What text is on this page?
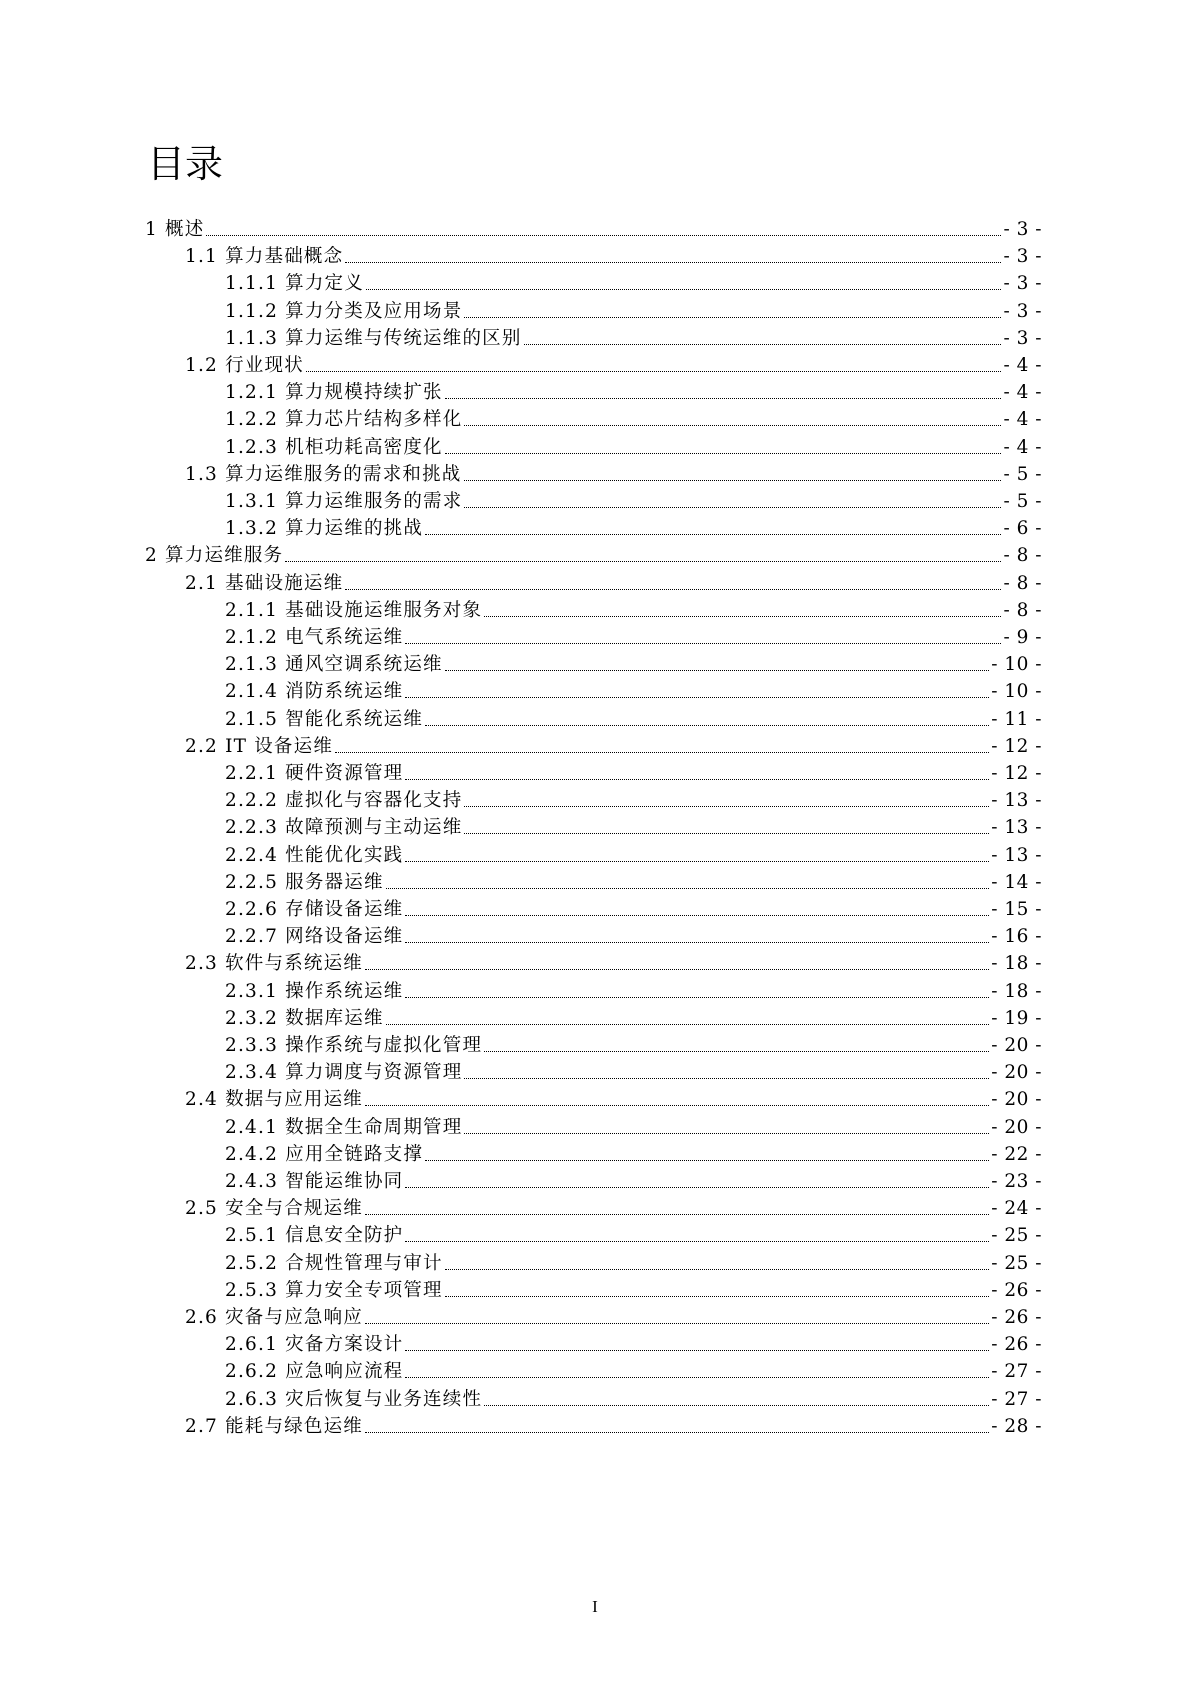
目录
1 概述	- 3 -
1.1 算力基础概念	- 3 -
1.1.1 算力定义	- 3 -
1.1.2 算力分类及应用场景	- 3 -
1.1.3 算力运维与传统运维的区别	- 3 -
1.2 行业现状	- 4 -
1.2.1 算力规模持续扩张	- 4 -
1.2.2 算力芯片结构多样化	- 4 -
1.2.3 机柜功耗高密度化	- 4 -
1.3 算力运维服务的需求和挑战	- 5 -
1.3.1 算力运维服务的需求	- 5 -
1.3.2 算力运维的挑战	- 6 -
2 算力运维服务	- 8 -
2.1 基础设施运维	- 8 -
2.1.1 基础设施运维服务对象	- 8 -
2.1.2 电气系统运维	- 9 -
2.1.3 通风空调系统运维	- 10 -
2.1.4 消防系统运维	- 10 -
2.1.5 智能化系统运维	- 11 -
2.2 IT 设备运维	- 12 -
2.2.1 硬件资源管理	- 12 -
2.2.2 虚拟化与容器化支持	- 13 -
2.2.3 故障预测与主动运维	- 13 -
2.2.4 性能优化实践	- 13 -
2.2.5 服务器运维	- 14 -
2.2.6 存储设备运维	- 15 -
2.2.7 网络设备运维	- 16 -
2.3 软件与系统运维	- 18 -
2.3.1 操作系统运维	- 18 -
2.3.2 数据库运维	- 19 -
2.3.3 操作系统与虚拟化管理	- 20 -
2.3.4 算力调度与资源管理	- 20 -
2.4 数据与应用运维	- 20 -
2.4.1 数据全生命周期管理	- 20 -
2.4.2 应用全链路支撑	- 22 -
2.4.3 智能运维协同	- 23 -
2.5 安全与合规运维	- 24 -
2.5.1 信息安全防护	- 25 -
2.5.2 合规性管理与审计	- 25 -
2.5.3 算力安全专项管理	- 26 -
2.6 灾备与应急响应	- 26 -
2.6.1 灾备方案设计	- 26 -
2.6.2 应急响应流程	- 27 -
2.6.3 灾后恢复与业务连续性	- 27 -
2.7 能耗与绿色运维	- 28 -
I
